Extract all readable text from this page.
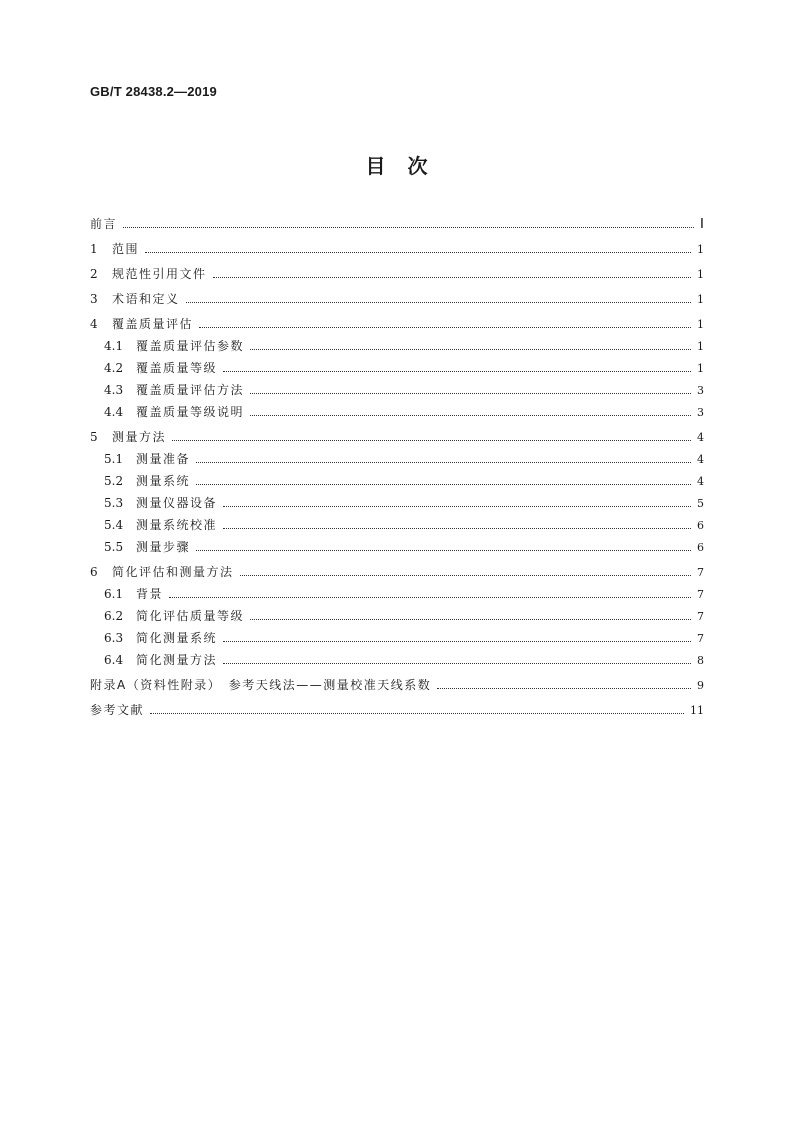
GB/T 28438.2—2019
目　次
前言	Ⅰ
1	范围	1
2	规范性引用文件	1
3	术语和定义	1
4	覆盖质量评估	1
4.1	覆盖质量评估参数	1
4.2	覆盖质量等级	1
4.3	覆盖质量评估方法	3
4.4	覆盖质量等级说明	3
5	测量方法	4
5.1	测量准备	4
5.2	测量系统	4
5.3	测量仪器设备	5
5.4	测量系统校准	6
5.5	测量步骤	6
6	简化评估和测量方法	7
6.1	背景	7
6.2	简化评估质量等级	7
6.3	简化测量系统	7
6.4	简化测量方法	8
附录A（资料性附录）　参考天线法——测量校准天线系数	9
参考文献	11
